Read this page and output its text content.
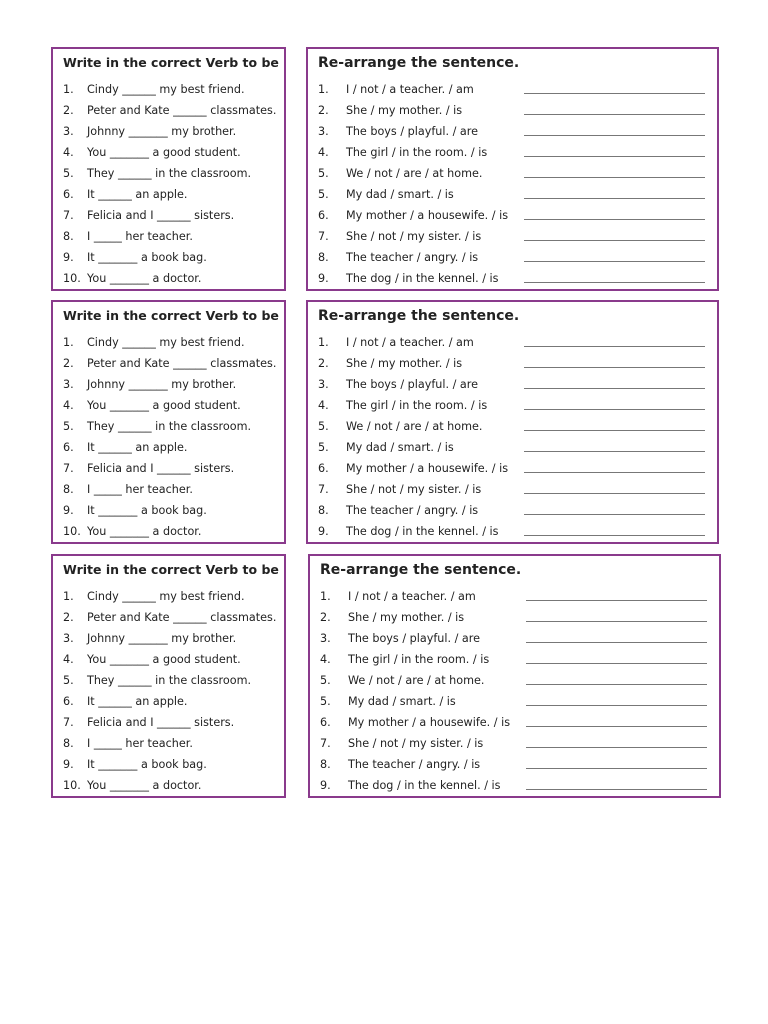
Write in the correct Verb to be
1. Cindy ______ my best friend.
2. Peter and Kate ______ classmates.
3. Johnny _______ my brother.
4. You _______ a good student.
5. They ______ in the classroom.
6. It ______ an apple.
7. Felicia and I ______ sisters.
8. I _____ her teacher.
9. It _______ a book bag.
10. You _______ a doctor.
Re-arrange the sentence.
1. I / not / a teacher. / am
2. She / my mother. / is
3. The boys / playful. / are
4. The girl / in the room. / is
5. We / not / are / at home.
5. My dad / smart. / is
6. My mother / a housewife. / is
7. She / not / my sister. / is
8. The teacher / angry. / is
9. The dog / in the kennel. / is
Write in the correct Verb to be
1. Cindy ______ my best friend.
2. Peter and Kate ______ classmates.
3. Johnny _______ my brother.
4. You _______ a good student.
5. They ______ in the classroom.
6. It ______ an apple.
7. Felicia and I ______ sisters.
8. I _____ her teacher.
9. It _______ a book bag.
10. You _______ a doctor.
Re-arrange the sentence.
1. I / not / a teacher. / am
2. She / my mother. / is
3. The boys / playful. / are
4. The girl / in the room. / is
5. We / not / are / at home.
5. My dad / smart. / is
6. My mother / a housewife. / is
7. She / not / my sister. / is
8. The teacher / angry. / is
9. The dog / in the kennel. / is
Write in the correct Verb to be
1. Cindy ______ my best friend.
2. Peter and Kate ______ classmates.
3. Johnny _______ my brother.
4. You _______ a good student.
5. They ______ in the classroom.
6. It ______ an apple.
7. Felicia and I ______ sisters.
8. I _____ her teacher.
9. It _______ a book bag.
10. You _______ a doctor.
Re-arrange the sentence.
1. I / not / a teacher. / am
2. She / my mother. / is
3. The boys / playful. / are
4. The girl / in the room. / is
5. We / not / are / at home.
5. My dad / smart. / is
6. My mother / a housewife. / is
7. She / not / my sister. / is
8. The teacher / angry. / is
9. The dog / in the kennel. / is
